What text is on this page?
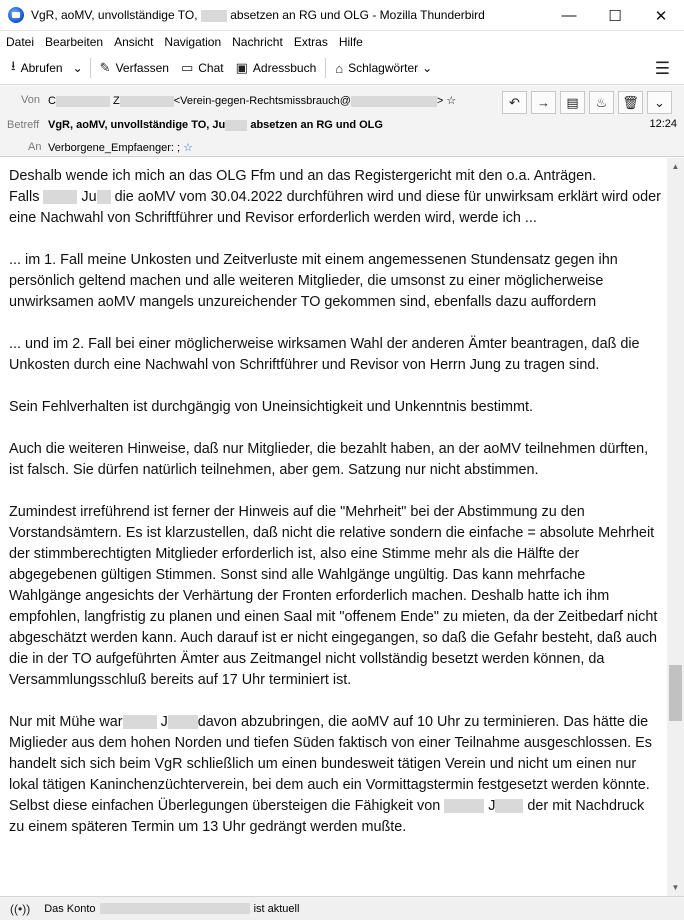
VgR, aoMV, unvollständige TO,	absetzen an RG und OLG - Mozilla Thunderbird	—	☐	✕
Datei Bearbeiten Ansicht Navigation Nachricht Extras Hilfe
⭳ Abrufen ⌄ ✎ Verfassen ▭ Chat ▣ Adressbuch ⌂ Schlagwörter ⌄	☰
Von C	Z	<Verein-gegen-Rechtsmissbrauch@	> ☆	↶ → ▤ ♨ 🗑 ⌄
Betreff VgR, aoMV, unvollständige TO, Ju absetzen an RG und OLG	12:24
An Verborgene_Empfaenger: ; ☆
Deshalb wende ich mich an das OLG Ffm und an das Registergericht mit den o.a. Anträgen.
Falls	Ju die aoMV vom 30.04.2022 durchführen wird und diese für unwirksam erklärt wird oder eine Nachwahl von Schriftführer und Revisor erforderlich werden wird, werde ich ...
... im 1. Fall meine Unkosten und Zeitverluste mit einem angemessenen Stundensatz gegen ihn persönlich geltend machen und alle weiteren Mitglieder, die umsonst zu einer möglicherweise unwirksamen aoMV mangels unzureichender TO gekommen sind, ebenfalls dazu auffordern
... und im 2. Fall bei einer möglicherweise wirksamen Wahl der anderen Ämter beantragen, daß die Unkosten durch eine Nachwahl von Schriftführer und Revisor von Herrn Jung zu tragen sind.
Sein Fehlverhalten ist durchgängig von Uneinsichtigkeit und Unkenntnis bestimmt.
Auch die weiteren Hinweise, daß nur Mitglieder, die bezahlt haben, an der aoMV teilnehmen dürften, ist falsch. Sie dürfen natürlich teilnehmen, aber gem. Satzung nur nicht abstimmen.
Zumindest irreführend ist ferner der Hinweis auf die "Mehrheit" bei der Abstimmung zu den Vorstandsämtern. Es ist klarzustellen, daß nicht die relative sondern die einfache = absolute Mehrheit der stimmberechtigten Mitglieder erforderlich ist, also eine Stimme mehr als die Hälfte der abgegebenen gültigen Stimmen. Sonst sind alle Wahlgänge ungültig. Das kann mehrfache Wahlgänge angesichts der Verhärtung der Fronten erforderlich machen. Deshalb hatte ich ihm empfohlen, langfristig zu planen und einen Saal mit "offenem Ende" zu mieten, da der Zeitbedarf nicht abgeschätzt werden kann. Auch darauf ist er nicht eingegangen, so daß die Gefahr besteht, daß auch die in der TO aufgeführten Ämter aus Zeitmangel nicht vollständig besetzt werden können, da Versammlungsschluß bereits auf 17 Uhr terminiert ist.
Nur mit Mühe war	J davon abzubringen, die aoMV auf 10 Uhr zu terminieren. Das hätte die Miglieder aus dem hohen Norden und tiefen Süden faktisch von einer Teilnahme ausgeschlossen. Es handelt sich sich beim VgR schließlich um einen bundesweit tätigen Verein und nicht um einen nur lokal tätigen Kaninchenzüchterverein, bei dem auch ein Vormittagstermin festgesetzt werden könnte. Selbst diese einfachen Überlegungen übersteigen die Fähigkeit von	J der mit Nachdruck zu einem späteren Termin um 13 Uhr gedrängt werden mußte.
▲
▼
((•)) Das Konto	ist aktuell
